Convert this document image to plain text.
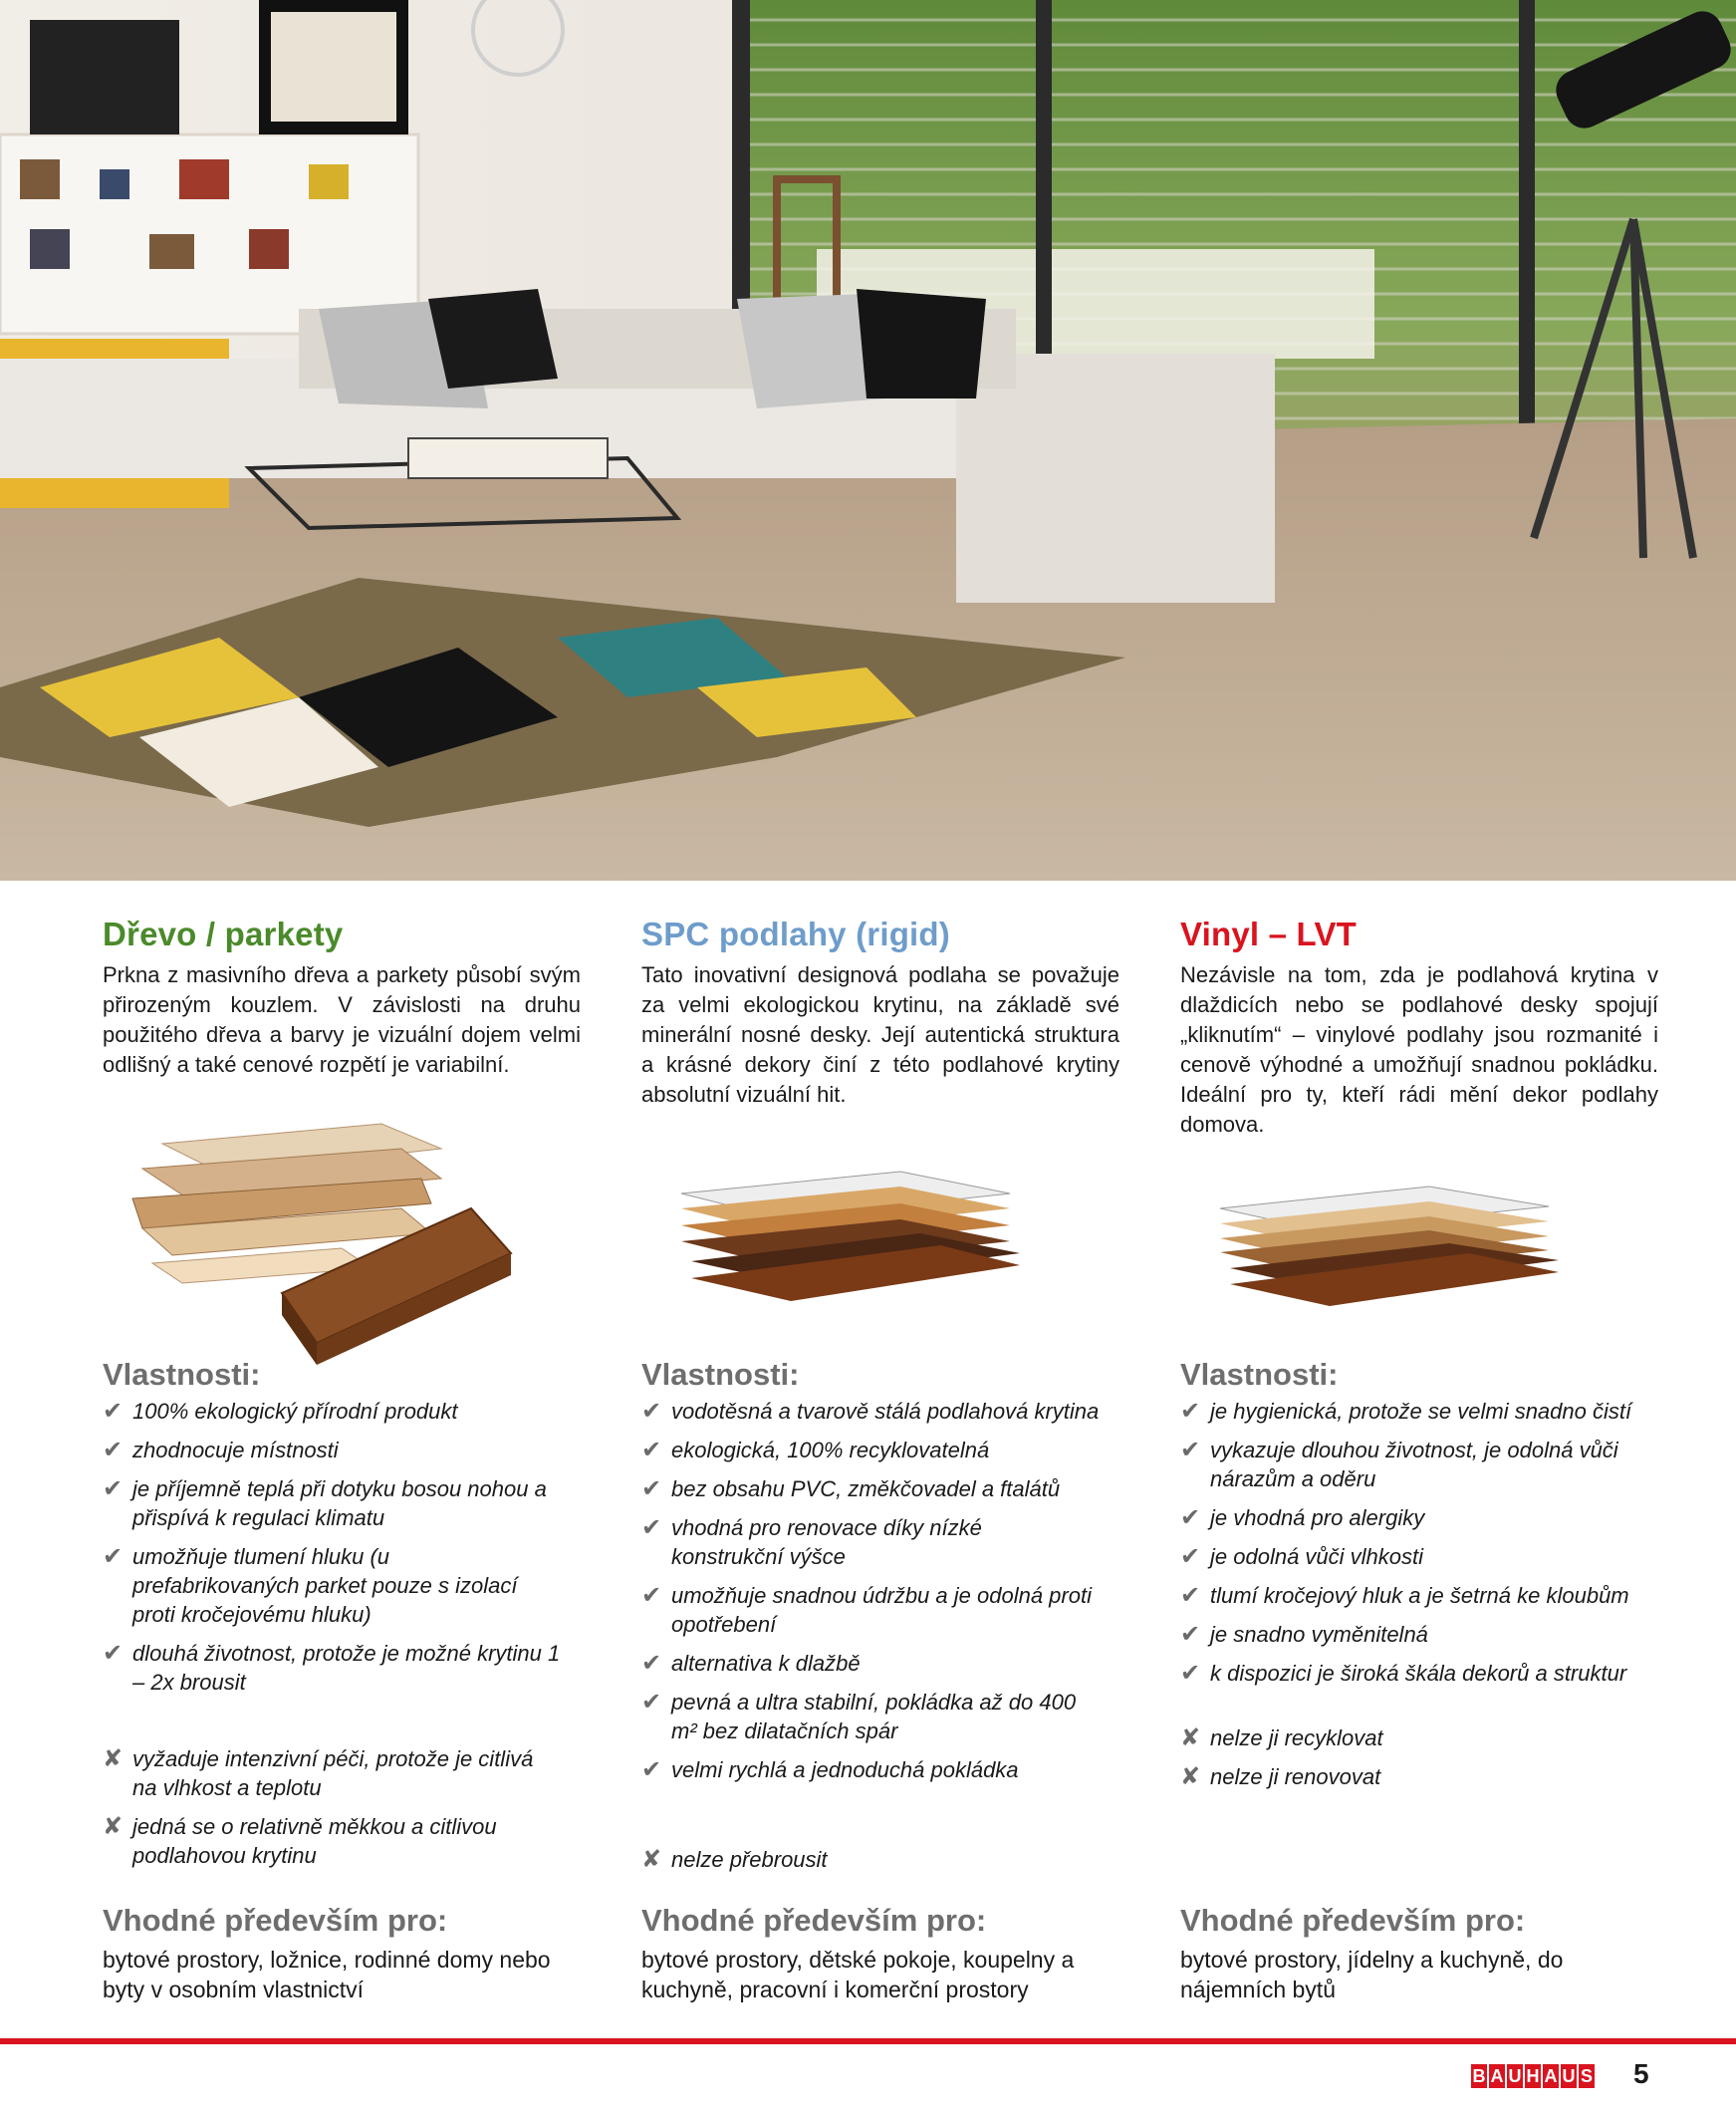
Dřevo / parkety

Prkna z masivního dřeva a parkety působí svým přirozeným kouzlem. V závislosti na druhu použitého dřeva a barvy je vizuální dojem velmi odlišný a také cenové rozpětí je variabilní.

Vlastnosti:
✔ 100% ekologický přírodní produkt
✔ zhodnocuje místnosti
✔ je příjemně teplá při dotyku bosou nohou a přispívá k regulaci klimatu
✔ umožňuje tlumení hluku (u prefabrikovaných parket pouze s izolací proti kročejovému hluku)
✔ dlouhá životnost, protože je možné krytinu 1 – 2x brousit
✘ vyžaduje intenzivní péči, protože je citlivá na vlhkost a teplotu
✘ jedná se o relativně měkkou a citlivou podlahovou krytinu
Vhodné především pro:

bytové prostory, ložnice, rodinné domy nebo byty v osobním vlastnictví

SPC podlahy (rigid)

Tato inovativní designová podlaha se považuje za velmi ekologickou krytinu, na základě své minerální nosné desky. Její autentická struktura a krásné dekory činí z této podlahové krytiny absolutní vizuální hit.

Vlastnosti:
✔ vodotěsná a tvarově stálá podlahová krytina
✔ ekologická, 100% recyklovatelná
✔ bez obsahu PVC, změkčovadel a ftalátů
✔ vhodná pro renovace díky nízké konstrukční výšce
✔ umožňuje snadnou údržbu a je odolná proti opotřebení
✔ alternativa k dlažbě
✔ pevná a ultra stabilní, pokládka až do 400 m² bez dilatačních spár
✔ velmi rychlá a jednoduchá pokládka
✘ nelze přebrousit
Vhodné především pro:

bytové prostory, dětské pokoje, koupelny a kuchyně, pracovní i komerční prostory

Vinyl – LVT

Nezávisle na tom, zda je podlahová krytina v dlaždicích nebo se podlahové desky spojují „kliknutím“ – vinylové podlahy jsou rozmanité i cenově výhodné a umožňují snadnou pokládku. Ideální pro ty, kteří rádi mění dekor podlahy domova.

Vlastnosti:
✔ je hygienická, protože se velmi snadno čistí
✔ vykazuje dlouhou životnost, je odolná vůči nárazům a oděru
✔ je vhodná pro alergiky
✔ je odolná vůči vlhkosti
✔ tlumí kročejový hluk a je šetrná ke kloubům
✔ je snadno vyměnitelná
✔ k dispozici je široká škála dekorů a struktur
✘ nelze ji recyklovat
✘ nelze ji renovovat
Vhodné především pro:

bytové prostory, jídelny a kuchyně, do nájemních bytů

B A U H A U S 5
